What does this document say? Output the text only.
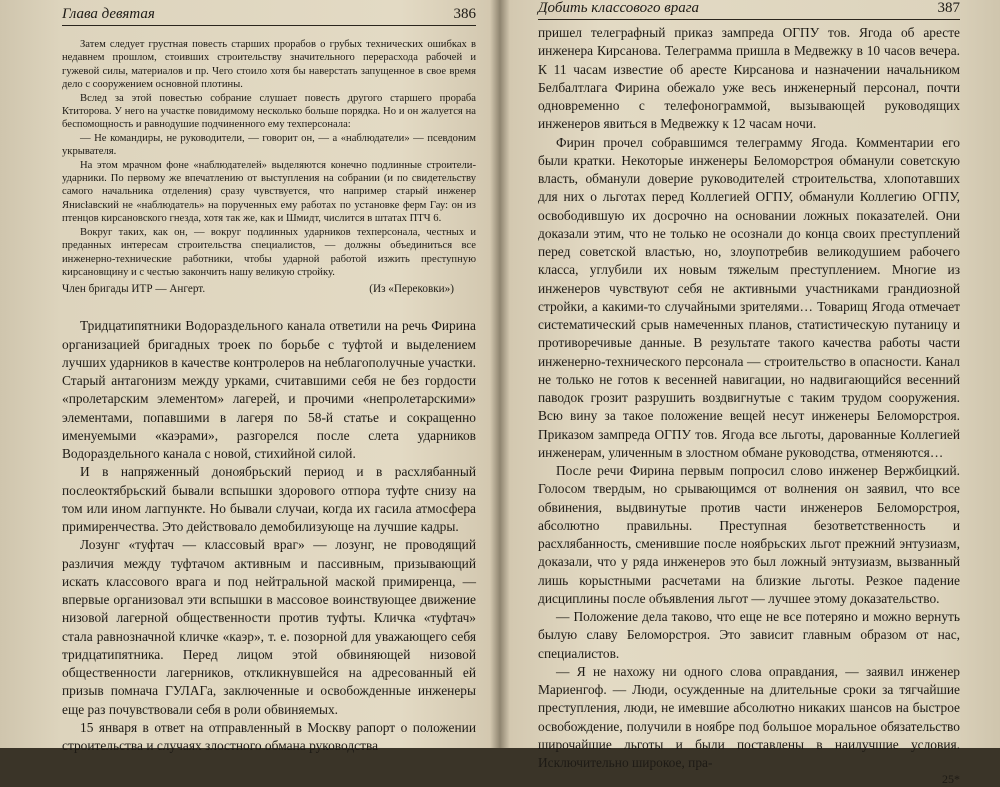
Глава девятая	386

Затем следует грустная повесть старших прорабов о грубых технических ошибках в недавнем прошлом, стоивших строительству значительного перерасхода рабочей и гужевой силы, материалов и пр. Чего стоило хотя бы наверстать запущенное в свое время дело с сооружением основной плотины.

Вслед за этой повестью собрание слушает повесть другого старшего прораба Ктиторова. У него на участке повидимому несколько больше порядка. Но и он жалуется на беспомощность и равнодушие подчиненного ему техперсонала:

— Не командиры, не руководители, — говорит он, — а «наблюдатели» — псевдоним укрывателя.

На этом мрачном фоне «наблюдателей» выделяются конечно подлинные строители-ударники. По первому же впечатлению от выступления на собрании (и по свидетельству самого начальника отделения) сразу чувствуется, что например старый инженер Янисłавский не «наблюдатель» на порученных ему работах по установке ферм Гау: он из птенцов кирсановского гнезда, хотя так же, как и Шмидт, числится в штатах ПТЧ 6.

Вокруг таких, как он, — вокруг подлинных ударников техперсонала, честных и преданных интересам строительства специалистов, — должны объединиться все инженерно-технические работники, чтобы ударной работой изжить преступную кирсановщину и с честью закончить нашу великую стройку.

Член бригады ИТР — Ангерт.	(Из «Перековки»)

Тридцатипятники Водораздельного канала ответили на речь Фирина организацией бригадных троек по борьбе с туфтой и выделением лучших ударников в качестве контролеров на неблагополучные участки. Старый антагонизм между урками, считавшими себя не без гордости «пролетарским элементом» лагерей, и прочими «непролетарскими» элементами, попавшими в лагеря по 58-й статье и сокращенно именуемыми «каэрами», разгорелся после слета ударников Водораздельного канала с новой, стихийной силой.

И в напряженный доноябрьский период и в расхлябанный послеоктябрьский бывали вспышки здорового отпора туфте снизу на том или ином лагпункте. Но бывали случаи, когда их гасила атмосфера примиренчества. Это действовало демобилизующе на лучшие кадры.

Лозунг «туфтач — классовый враг» — лозунг, не проводящий различия между туфтачом активным и пассивным, призывающий искать классового врага и под нейтральной маской примиренца, — впервые организовал эти вспышки в массовое воинствующее движение низовой лагерной общественности против туфты. Кличка «туфтач» стала равнозначной кличке «каэр», т. е. позорной для уважающего себя тридцатипятника. Перед лицом этой обвиняющей низовой общественности лагерников, откликнувшейся на адресованный ей призыв помнача ГУЛАГа, заключенные и освобожденные инженеры еще раз почувствовали себя в роли обвиняемых.

15 января в ответ на отправленный в Москву рапорт о положении строительства и случаях злостного обмана руководства

Добить классового врага	387

пришел телеграфный приказ зампреда ОГПУ тов. Ягода об аресте инженера Кирсанова. Телеграмма пришла в Медвежку в 10 часов вечера. К 11 часам известие об аресте Кирсанова и назначении начальником Белбалтлага Фирина обежало уже весь инженерный персонал, почти одновременно с телефонограммой, вызывающей руководящих инженеров явиться в Медвежку к 12 часам ночи.

Фирин прочел собравшимся телеграмму Ягода. Комментарии его были кратки. Некоторые инженеры Беломорстроя обманули советскую власть, обманули доверие руководителей строительства, хлопотавших для них о льготах перед Коллегией ОГПУ, обманули Коллегию ОГПУ, освободившую их досрочно на основании ложных показателей. Они доказали этим, что не только не осознали до конца своих преступлений перед советской властью, но, злоупотребив великодушием рабочего класса, углубили их новым тяжелым преступлением. Многие из инженеров чувствуют себя не активными участниками грандиозной стройки, а какими-то случайными зрителями… Товарищ Ягода отмечает систематический срыв намеченных планов, статистическую путаницу и противоречивые данные. В результате такого качества работы части инженерно-технического персонала — строительство в опасности. Канал не только не готов к весенней навигации, но надвигающийся весенний паводок грозит разрушить воздвигнутые с таким трудом сооружения. Всю вину за такое положение вещей несут инженеры Беломорстроя. Приказом зампреда ОГПУ тов. Ягода все льготы, дарованные Коллегией инженерам, уличенным в злостном обмане руководства, отменяются…

После речи Фирина первым попросил слово инженер Вержбицкий. Голосом твердым, но срывающимся от волнения он заявил, что все обвинения, выдвинутые против части инженеров Беломорстроя, абсолютно правильны. Преступная безответственность и расхлябанность, сменившие после ноябрьских льгот прежний энтузиазм, доказали, что у ряда инженеров это был ложный энтузиазм, вызванный лишь корыстными расчетами на близкие льготы. Резкое падение дисциплины после объявления льгот — лучшее этому доказательство.

— Положение дела таково, что еще не все потеряно и можно вернуть былую славу Беломорстроя. Это зависит главным образом от нас, специалистов.

— Я не нахожу ни одного слова оправдания, — заявил инженер Мариенгоф. — Люди, осужденные на длительные сроки за тягчайшие преступления, люди, не имевшие абсолютно никаких шансов на быстрое освобождение, получили в ноябре под большое моральное обязательство широчайшие льготы и были поставлены в наилучшие условия. Исключительно широкое, пра-

25*
